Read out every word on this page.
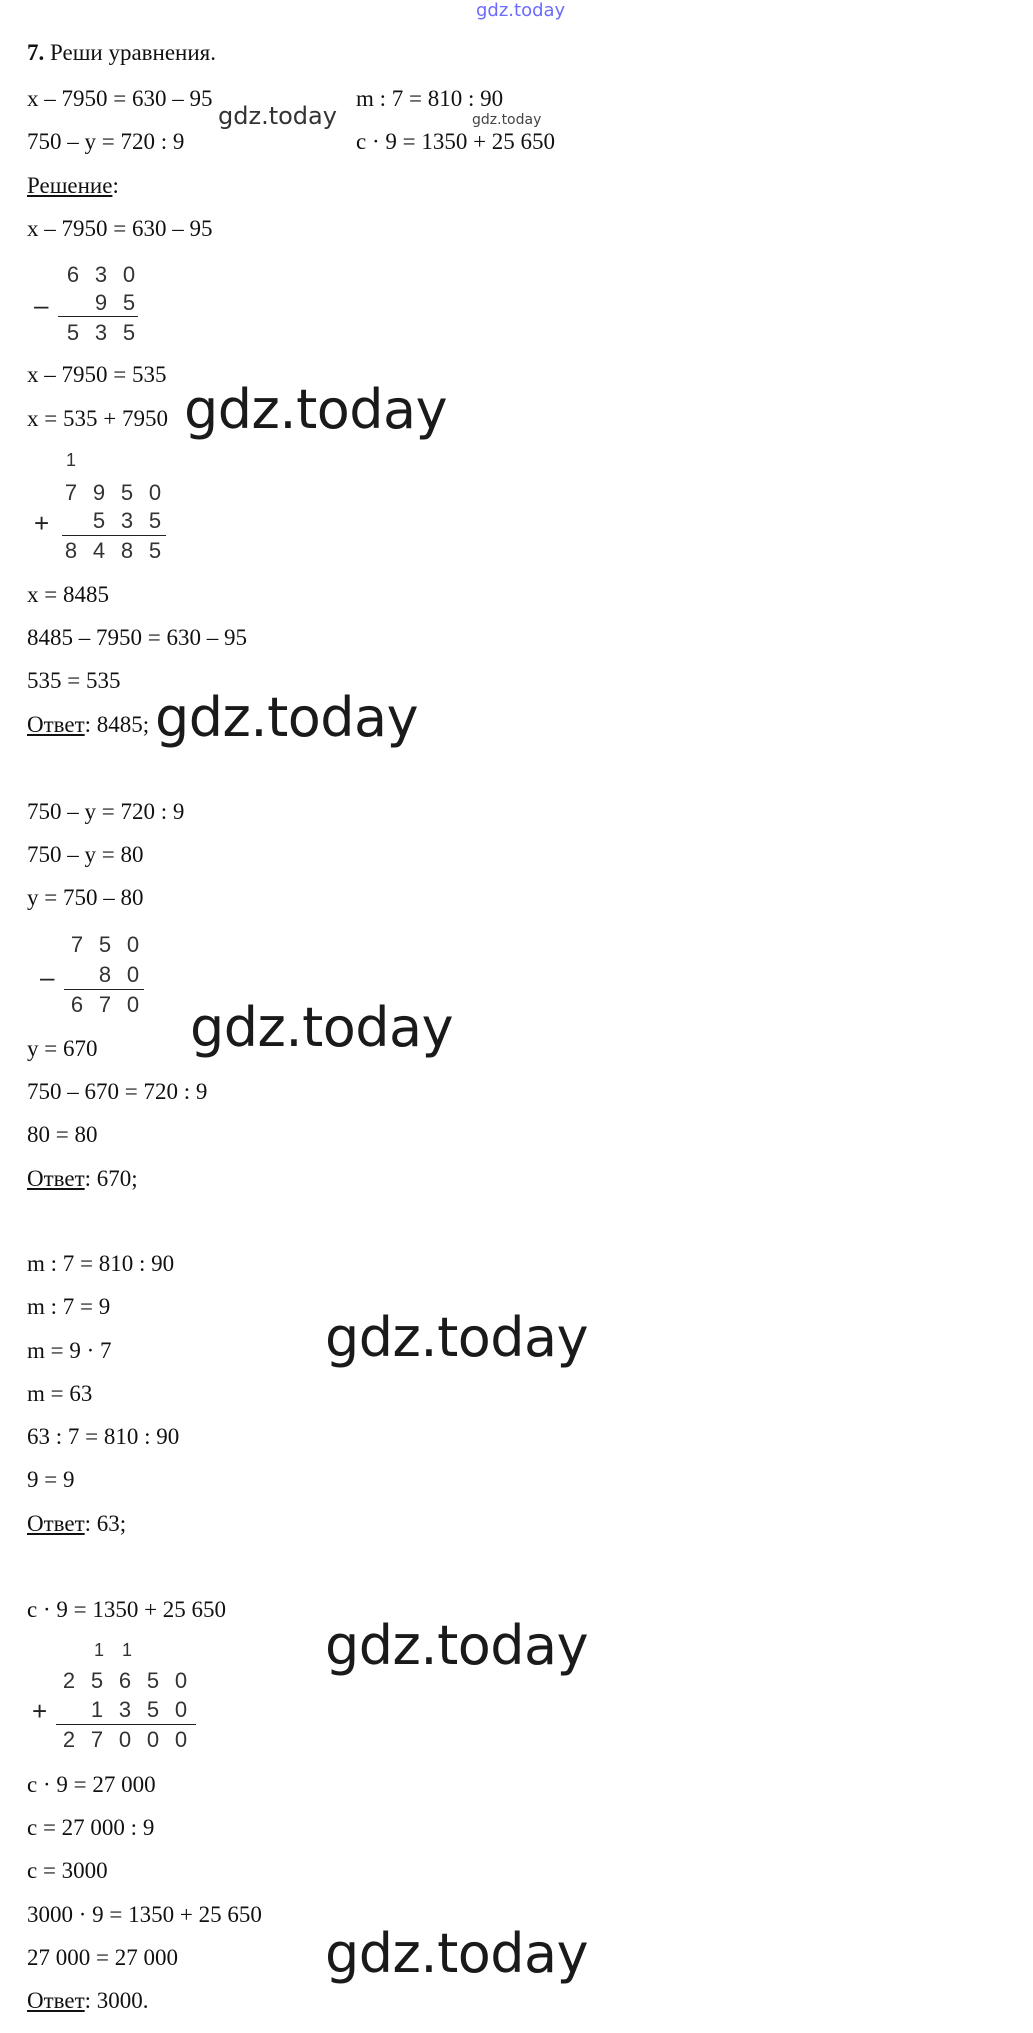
gdz.today
7. Реши уравнения.
x – 7950 = 630 – 95	m : 7 = 810 : 90
750 – y = 720 : 9	c · 9 = 1350 + 25 650
gdz.today	gdz.today
Решение:
x – 7950 = 630 – 95
–
6 3 0
9 5
5 3 5
x – 7950 = 535
x = 535 + 7950 gdz.today
1
+
7 9 5 0
5 3 5
8 4 8 5
x = 8485
8485 – 7950 = 630 – 95
535 = 535
Ответ: 8485; gdz.today
750 – y = 720 : 9
750 – y = 80
y = 750 – 80
–
7 5 0
8 0
6 7 0
y = 670 gdz.today
750 – 670 = 720 : 9
80 = 80
Ответ: 670;
m : 7 = 810 : 90
m : 7 = 9
m = 9 · 7	gdz.today
m = 63
63 : 7 = 810 : 90
9 = 9
Ответ: 63;
c · 9 = 1350 + 25 650
gdz.today
1 1
+
2 5 6 5 0
1 3 5 0
2 7 0 0 0
c · 9 = 27 000
c = 27 000 : 9
c = 3000
3000 · 9 = 1350 + 25 650
27 000 = 27 000	gdz.today
Ответ: 3000.
